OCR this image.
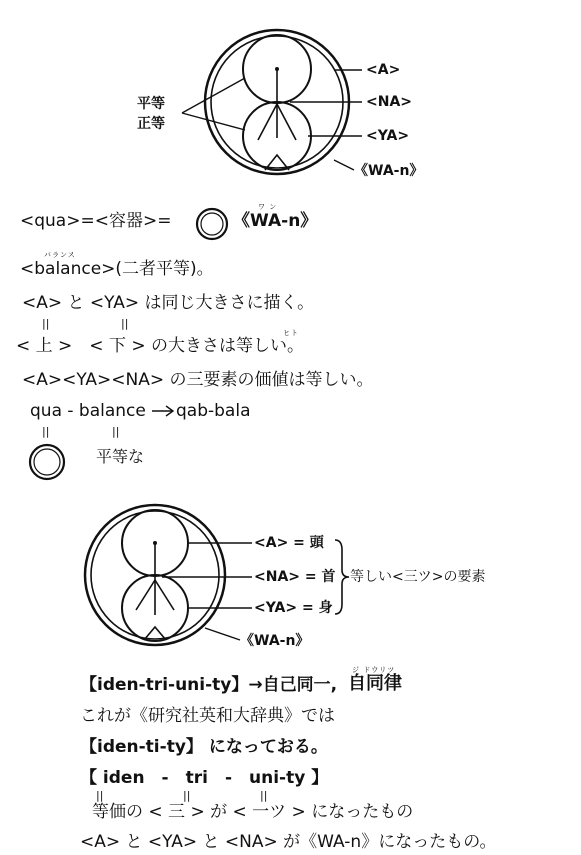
平等
正等
<A>
<NA>
<YA>
《WA-n》
<qua>=<容器>=	《WA-n》
ワ ン
バランス
<balance>(二者平等)。
<A> と <YA> は同じ大きさに描く。
||	||
ヒト
< 上 >　< 下 > の大きさは等しい。
<A><YA><NA> の三要素の価値は等しい。
qua - balance qab-bala
||	||
平等な
<A> = 頭
<NA> = 首
<YA> = 身
《WA-n》
等しい<三ツ>の要素
【iden-tri-uni-ty】→自己同一,
ジ ドウリツ
自同律
これが《研究社英和大辞典》では
【iden-ti-ty】 になっておる。
【 iden　-　tri　-　uni-ty 】
||	||	||
等価の < 三 > が < 一ツ > になったもの
<A> と <YA> と <NA> が《WA-n》になったもの。
